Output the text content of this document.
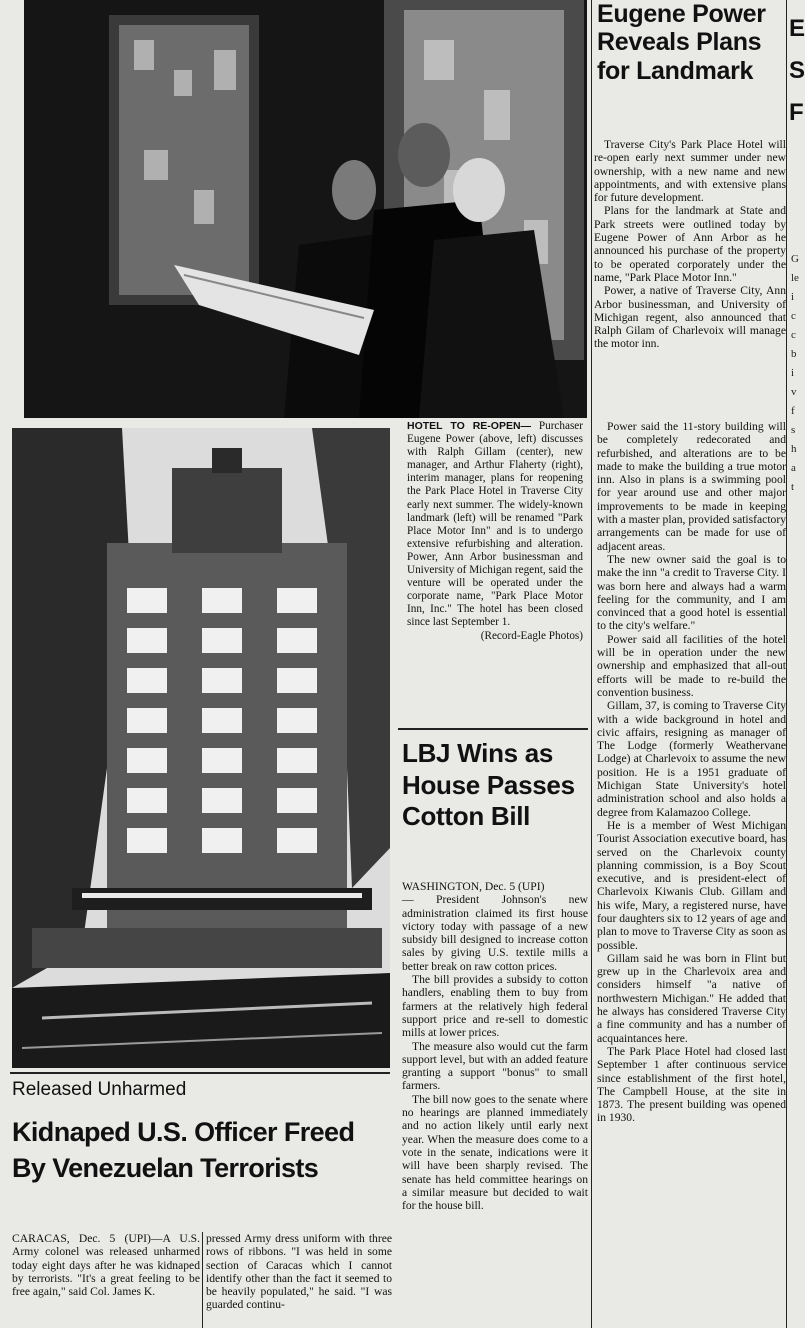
Eugene Power
Reveals Plans
for Landmark

Traverse City's Park Place Hotel will re-open early next summer under new ownership, with a new name and new appointments, and with extensive plans for future development.

Plans for the landmark at State and Park streets were outlined today by Eugene Power of Ann Arbor as he announced his purchase of the property to be operated corporately under the name, "Park Place Motor Inn."

Power, a native of Traverse City, Ann Arbor businessman, and University of Michigan regent, also announced that Ralph Gilam of Charlevoix will manage the motor inn.

Power said the 11-story building will be completely redecorated and refurbished, and alterations are to be made to make the building a true motor inn. Also in plans is a swimming pool for year around use and other major improvements to be made in keeping with a master plan, provided satisfactory arrangements can be made for use of adjacent areas.

The new owner said the goal is to make the inn "a credit to Traverse City. I was born here and always had a warm feeling for the community, and I am convinced that a good hotel is essential to the city's welfare."

Power said all facilities of the hotel will be in operation under the new ownership and emphasized that all-out efforts will be made to re-build the convention business.

Gillam, 37, is coming to Traverse City with a wide background in hotel and civic affairs, resigning as manager of The Lodge (formerly Weathervane Lodge) at Charlevoix to assume the new position. He is a 1951 graduate of Michigan State University's hotel administration school and also holds a degree from Kalamazoo College.

He is a member of West Michigan Tourist Association executive board, has served on the Charlevoix county planning commission, is a Boy Scout executive, and is president-elect of Charlevoix Kiwanis Club. Gillam and his wife, Mary, a registered nurse, have four daughters six to 12 years of age and plan to move to Traverse City as soon as possible.

Gillam said he was born in Flint but grew up in the Charlevoix area and considers himself "a native of northwestern Michigan." He added that he always has considered Traverse City a fine community and has a number of acquaintances here.

The Park Place Hotel had closed last September 1 after continuous service since establishment of the first hotel, The Campbell House, at the site in 1873. The present building was opened in 1930.

HOTEL TO RE-OPEN— Purchaser Eugene Power (above, left) discusses with Ralph Gillam (center), new manager, and Arthur Flaherty (right), interim manager, plans for reopening the Park Place Hotel in Traverse City early next summer. The widely-known landmark (left) will be renamed "Park Place Motor Inn" and is to undergo extensive refurbishing and alteration. Power, Ann Arbor businessman and University of Michigan regent, said the venture will be operated under the corporate name, "Park Place Motor Inn, Inc." The hotel has been closed since last September 1.

(Record-Eagle Photos)

LBJ Wins as
House Passes
Cotton Bill

WASHINGTON, Dec. 5 (UPI)

— President Johnson's new administration claimed its first house victory today with passage of a new subsidy bill designed to increase cotton sales by giving U.S. textile mills a better break on raw cotton prices.

The bill provides a subsidy to cotton handlers, enabling them to buy from farmers at the relatively high federal support price and re-sell to domestic mills at lower prices.

The measure also would cut the farm support level, but with an added feature granting a support "bonus" to small farmers.

The bill now goes to the senate where no hearings are planned immediately and no action likely until early next year. When the measure does come to a vote in the senate, indications were it will have been sharply revised. The senate has held committee hearings on a similar measure but decided to wait for the house bill.

Released Unharmed
Kidnaped U.S. Officer Freed
By Venezuelan Terrorists

CARACAS, Dec. 5 (UPI)—A U.S. Army colonel was released unharmed today eight days after he was kidnaped by terrorists. "It's a great feeling to be free again," said Col. James K.

pressed Army dress uniform with three rows of ribbons. "I was held in some section of Caracas which I cannot identify other than the fact it seemed to be heavily populated," he said. "I was guarded continu-

E
S
F
G
le
i
c
c
b
i
v
f
s
h
a
t
